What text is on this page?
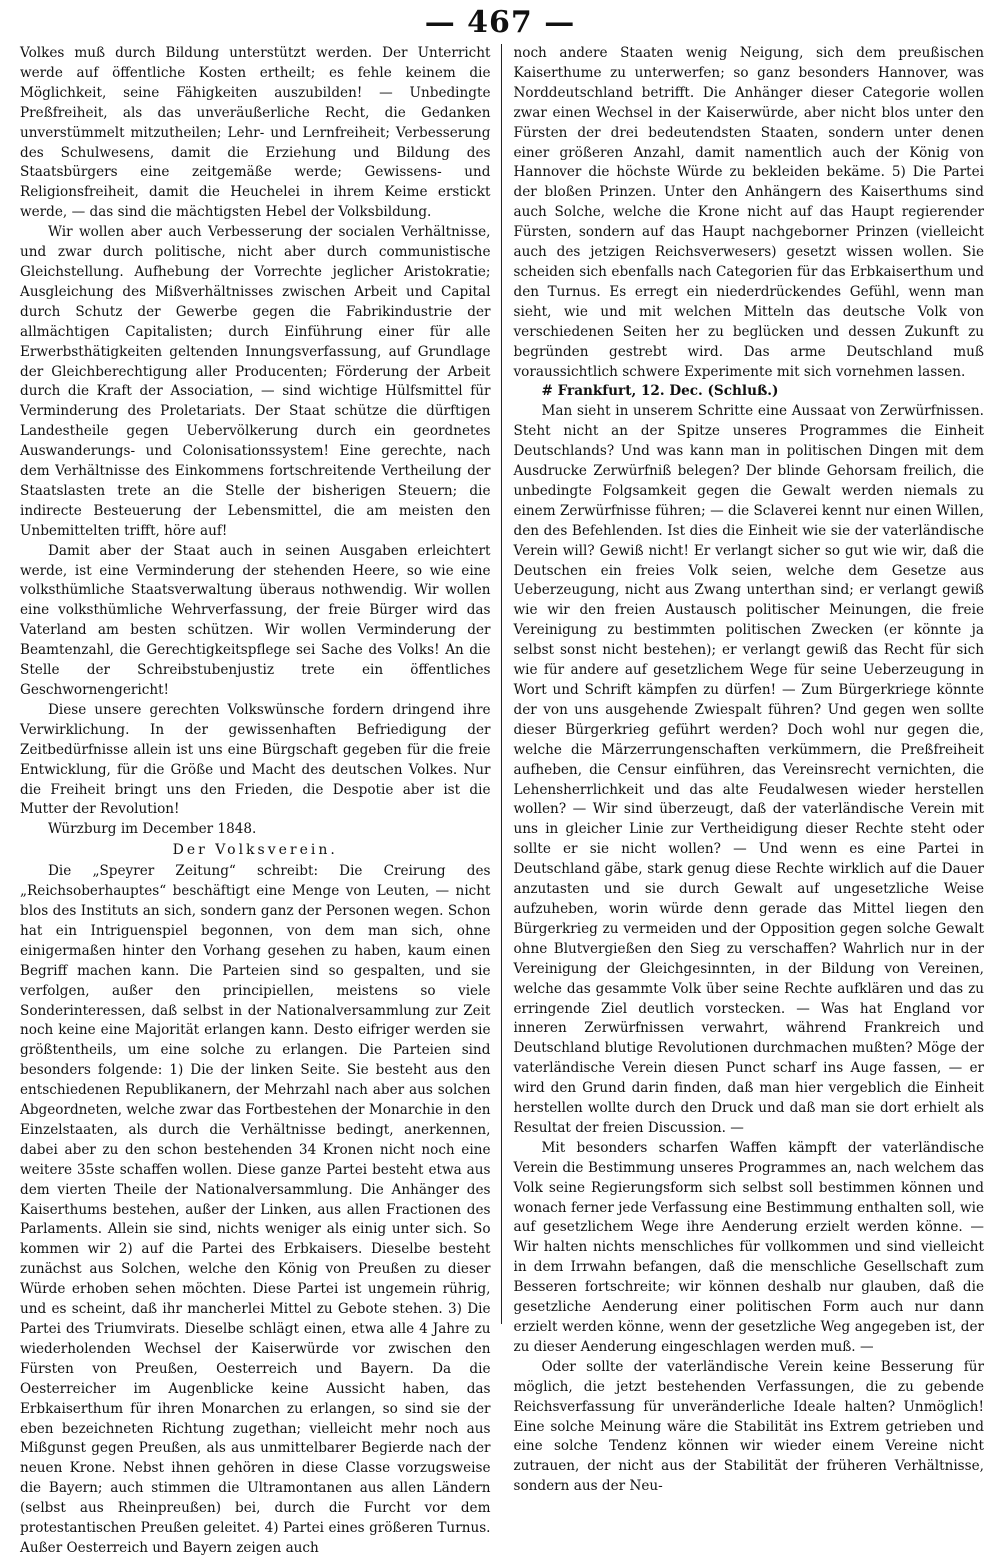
— 467 —

Volkes muß durch Bildung unterstützt werden. Der Unterricht werde auf öffentliche Kosten ertheilt; es fehle keinem die Möglichkeit, seine Fähigkeiten auszubilden! — Unbedingte Preßfreiheit, als das unveräußerliche Recht, die Gedanken unverstümmelt mitzutheilen; Lehr- und Lernfreiheit; Verbesserung des Schulwesens, damit die Erziehung und Bildung des Staatsbürgers eine zeitgemäße werde; Gewissens- und Religionsfreiheit, damit die Heuchelei in ihrem Keime erstickt werde, — das sind die mächtigsten Hebel der Volksbildung.

Wir wollen aber auch Verbesserung der socialen Verhältnisse, und zwar durch politische, nicht aber durch communistische Gleichstellung. Aufhebung der Vorrechte jeglicher Aristokratie; Ausgleichung des Mißverhältnisses zwischen Arbeit und Capital durch Schutz der Gewerbe gegen die Fabrikindustrie der allmächtigen Capitalisten; durch Einführung einer für alle Erwerbsthätigkeiten geltenden Innungsverfassung, auf Grundlage der Gleichberechtigung aller Producenten; Förderung der Arbeit durch die Kraft der Association, — sind wichtige Hülfsmittel für Verminderung des Proletariats. Der Staat schütze die dürftigen Landestheile gegen Uebervölkerung durch ein geordnetes Auswanderungs- und Colonisationssystem! Eine gerechte, nach dem Verhältnisse des Einkommens fortschreitende Vertheilung der Staatslasten trete an die Stelle der bisherigen Steuern; die indirecte Besteuerung der Lebensmittel, die am meisten den Unbemittelten trifft, höre auf!

Damit aber der Staat auch in seinen Ausgaben erleichtert werde, ist eine Verminderung der stehenden Heere, so wie eine volksthümliche Staatsverwaltung überaus nothwendig. Wir wollen eine volksthümliche Wehrverfassung, der freie Bürger wird das Vaterland am besten schützen. Wir wollen Verminderung der Beamtenzahl, die Gerechtigkeitspflege sei Sache des Volks! An die Stelle der Schreibstubenjustiz trete ein öffentliches Geschwornengericht!

Diese unsere gerechten Volkswünsche fordern dringend ihre Verwirklichung. In der gewissenhaften Befriedigung der Zeitbedürfnisse allein ist uns eine Bürgschaft gegeben für die freie Entwicklung, für die Größe und Macht des deutschen Volkes. Nur die Freiheit bringt uns den Frieden, die Despotie aber ist die Mutter der Revolution!

Würzburg im December 1848.

Der Volksverein.

Die „Speyrer Zeitung“ schreibt: Die Creirung des „Reichsoberhauptes“ beschäftigt eine Menge von Leuten, — nicht blos des Instituts an sich, sondern ganz der Personen wegen. Schon hat ein Intriguenspiel begonnen, von dem man sich, ohne einigermaßen hinter den Vorhang gesehen zu haben, kaum einen Begriff machen kann. Die Parteien sind so gespalten, und sie verfolgen, außer den principiellen, meistens so viele Sonderinteressen, daß selbst in der Nationalversammlung zur Zeit noch keine eine Majorität erlangen kann. Desto eifriger werden sie größtentheils, um eine solche zu erlangen. Die Parteien sind besonders folgende: 1) Die der linken Seite. Sie besteht aus den entschiedenen Republikanern, der Mehrzahl nach aber aus solchen Abgeordneten, welche zwar das Fortbestehen der Monarchie in den Einzelstaaten, als durch die Verhältnisse bedingt, anerkennen, dabei aber zu den schon bestehenden 34 Kronen nicht noch eine weitere 35ste schaffen wollen. Diese ganze Partei besteht etwa aus dem vierten Theile der Nationalversammlung. Die Anhänger des Kaiserthums bestehen, außer der Linken, aus allen Fractionen des Parlaments. Allein sie sind, nichts weniger als einig unter sich. So kommen wir 2) auf die Partei des Erbkaisers. Dieselbe besteht zunächst aus Solchen, welche den König von Preußen zu dieser Würde erhoben sehen möchten. Diese Partei ist ungemein rührig, und es scheint, daß ihr mancherlei Mittel zu Gebote stehen. 3) Die Partei des Triumvirats. Dieselbe schlägt einen, etwa alle 4 Jahre zu wiederholenden Wechsel der Kaiserwürde vor zwischen den Fürsten von Preußen, Oesterreich und Bayern. Da die Oesterreicher im Augenblicke keine Aussicht haben, das Erbkaiserthum für ihren Monarchen zu erlangen, so sind sie der eben bezeichneten Richtung zugethan; vielleicht mehr noch aus Mißgunst gegen Preußen, als aus unmittelbarer Begierde nach der neuen Krone. Nebst ihnen gehören in diese Classe vorzugsweise die Bayern; auch stimmen die Ultramontanen aus allen Ländern (selbst aus Rheinpreußen) bei, durch die Furcht vor dem protestantischen Preußen geleitet. 4) Partei eines größeren Turnus. Außer Oesterreich und Bayern zeigen auch

noch andere Staaten wenig Neigung, sich dem preußischen Kaiserthume zu unterwerfen; so ganz besonders Hannover, was Norddeutschland betrifft. Die Anhänger dieser Categorie wollen zwar einen Wechsel in der Kaiserwürde, aber nicht blos unter den Fürsten der drei bedeutendsten Staaten, sondern unter denen einer größeren Anzahl, damit namentlich auch der König von Hannover die höchste Würde zu bekleiden bekäme. 5) Die Partei der bloßen Prinzen. Unter den Anhängern des Kaiserthums sind auch Solche, welche die Krone nicht auf das Haupt regierender Fürsten, sondern auf das Haupt nachgeborner Prinzen (vielleicht auch des jetzigen Reichsverwesers) gesetzt wissen wollen. Sie scheiden sich ebenfalls nach Categorien für das Erbkaiserthum und den Turnus. Es erregt ein niederdrückendes Gefühl, wenn man sieht, wie und mit welchen Mitteln das deutsche Volk von verschiedenen Seiten her zu beglücken und dessen Zukunft zu begründen gestrebt wird. Das arme Deutschland muß voraussichtlich schwere Experimente mit sich vornehmen lassen.

# Frankfurt, 12. Dec. (Schluß.)

Man sieht in unserem Schritte eine Aussaat von Zerwürfnissen. Steht nicht an der Spitze unseres Programmes die Einheit Deutschlands? Und was kann man in politischen Dingen mit dem Ausdrucke Zerwürfniß belegen? Der blinde Gehorsam freilich, die unbedingte Folgsamkeit gegen die Gewalt werden niemals zu einem Zerwürfnisse führen; — die Sclaverei kennt nur einen Willen, den des Befehlenden. Ist dies die Einheit wie sie der vaterländische Verein will? Gewiß nicht! Er verlangt sicher so gut wie wir, daß die Deutschen ein freies Volk seien, welche dem Gesetze aus Ueberzeugung, nicht aus Zwang unterthan sind; er verlangt gewiß wie wir den freien Austausch politischer Meinungen, die freie Vereinigung zu bestimmten politischen Zwecken (er könnte ja selbst sonst nicht bestehen); er verlangt gewiß das Recht für sich wie für andere auf gesetzlichem Wege für seine Ueberzeugung in Wort und Schrift kämpfen zu dürfen! — Zum Bürgerkriege könnte der von uns ausgehende Zwiespalt führen? Und gegen wen sollte dieser Bürgerkrieg geführt werden? Doch wohl nur gegen die, welche die Märzerrungenschaften verkümmern, die Preßfreiheit aufheben, die Censur einführen, das Vereinsrecht vernichten, die Lehensherrlichkeit und das alte Feudalwesen wieder herstellen wollen? — Wir sind überzeugt, daß der vaterländische Verein mit uns in gleicher Linie zur Vertheidigung dieser Rechte steht oder sollte er sie nicht wollen? — Und wenn es eine Partei in Deutschland gäbe, stark genug diese Rechte wirklich auf die Dauer anzutasten und sie durch Gewalt auf ungesetzliche Weise aufzuheben, worin würde denn gerade das Mittel liegen den Bürgerkrieg zu vermeiden und der Opposition gegen solche Gewalt ohne Blutvergießen den Sieg zu verschaffen? Wahrlich nur in der Vereinigung der Gleichgesinnten, in der Bildung von Vereinen, welche das gesammte Volk über seine Rechte aufklären und das zu erringende Ziel deutlich vorstecken. — Was hat England vor inneren Zerwürfnissen verwahrt, während Frankreich und Deutschland blutige Revolutionen durchmachen mußten? Möge der vaterländische Verein diesen Punct scharf ins Auge fassen, — er wird den Grund darin finden, daß man hier vergeblich die Einheit herstellen wollte durch den Druck und daß man sie dort erhielt als Resultat der freien Discussion. —

Mit besonders scharfen Waffen kämpft der vaterländische Verein die Bestimmung unseres Programmes an, nach welchem das Volk seine Regierungsform sich selbst soll bestimmen können und wonach ferner jede Verfassung eine Bestimmung enthalten soll, wie auf gesetzlichem Wege ihre Aenderung erzielt werden könne. — Wir halten nichts menschliches für vollkommen und sind vielleicht in dem Irrwahn befangen, daß die menschliche Gesellschaft zum Besseren fortschreite; wir können deshalb nur glauben, daß die gesetzliche Aenderung einer politischen Form auch nur dann erzielt werden könne, wenn der gesetzliche Weg angegeben ist, der zu dieser Aenderung eingeschlagen werden muß. —

Oder sollte der vaterländische Verein keine Besserung für möglich, die jetzt bestehenden Verfassungen, die zu gebende Reichsverfassung für unveränderliche Ideale halten? Unmöglich! Eine solche Meinung wäre die Stabilität ins Extrem getrieben und eine solche Tendenz können wir wieder einem Vereine nicht zutrauen, der nicht aus der Stabilität der früheren Verhältnisse, sondern aus der Neu-
